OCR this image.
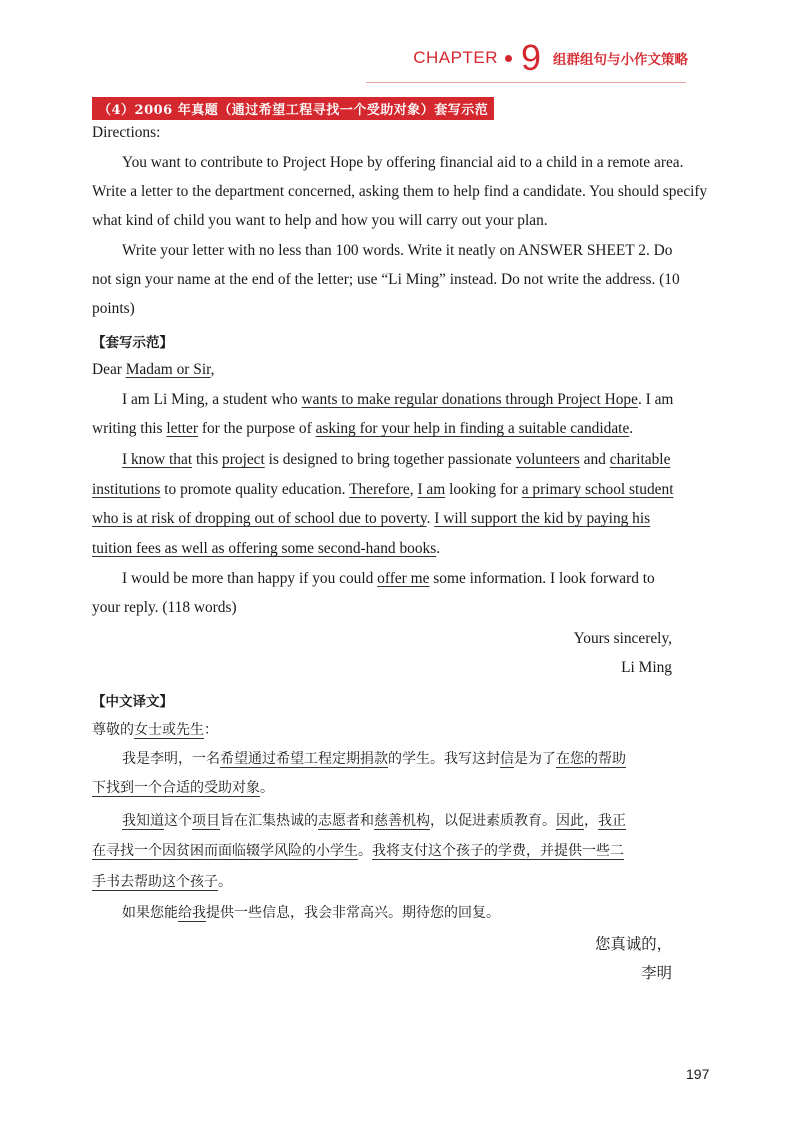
CHAPTER 9 组群组句与小作文策略
（4）2006 年真题（通过希望工程寻找一个受助对象）套写示范
Directions:
You want to contribute to Project Hope by offering financial aid to a child in a remote area.
Write a letter to the department concerned, asking them to help find a candidate. You should specify
what kind of child you want to help and how you will carry out your plan.
Write your letter with no less than 100 words. Write it neatly on ANSWER SHEET 2. Do
not sign your name at the end of the letter; use “Li Ming” instead. Do not write the address. (10
points)
【套写示范】
Dear Madam or Sir,
I am Li Ming, a student who wants to make regular donations through Project Hope. I am
writing this letter for the purpose of asking for your help in finding a suitable candidate.
I know that this project is designed to bring together passionate volunteers and charitable
institutions to promote quality education. Therefore, I am looking for a primary school student
who is at risk of dropping out of school due to poverty. I will support the kid by paying his
tuition fees as well as offering some second-hand books.
I would be more than happy if you could offer me some information. I look forward to
your reply. (118 words)
Yours sincerely,
Li Ming
【中文译文】
尊敬的女士或先生：
我是李明，一名希望通过希望工程定期捐款的学生。我写这封信是为了在您的帮助
下找到一个合适的受助对象。
我知道这个项目旨在汇集热诚的志愿者和慈善机构，以促进素质教育。因此，我正
在寻找一个因贫困而面临辍学风险的小学生。我将支付这个孩子的学费，并提供一些二
手书去帮助这个孩子。
如果您能给我提供一些信息，我会非常高兴。期待您的回复。
您真诚的，
李明
197
